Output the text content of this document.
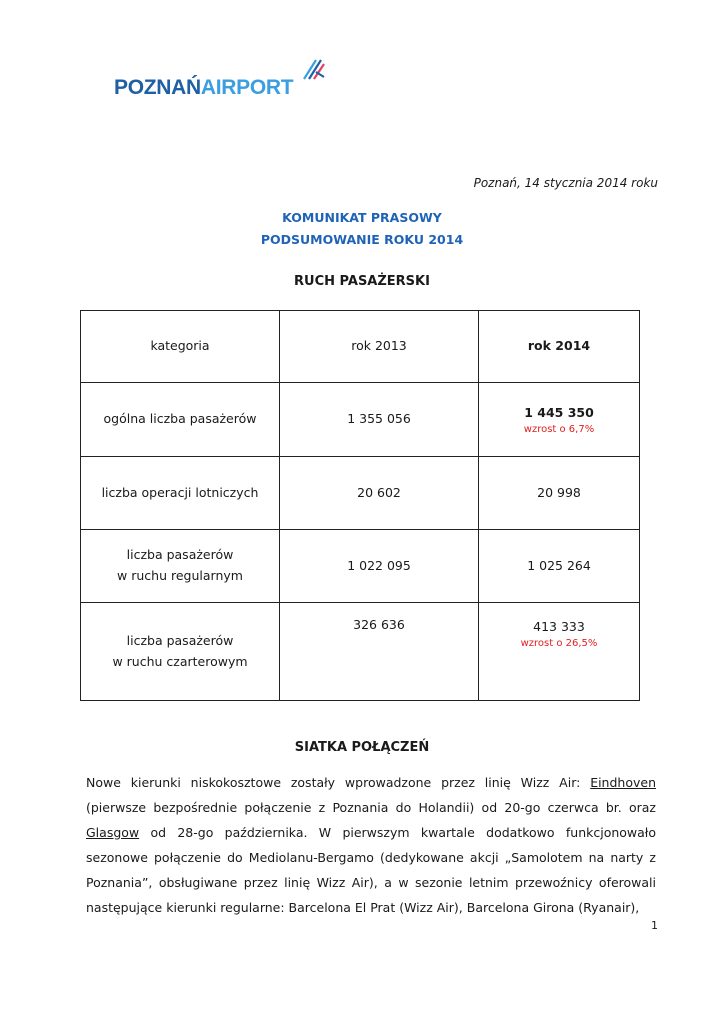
POZNAŃAIRPORT
Poznań, 14 stycznia 2014 roku
KOMUNIKAT PRASOWY
PODSUMOWANIE ROKU 2014
RUCH PASAŻERSKI
kategoria	rok 2013	rok 2014
ogólna liczba pasażerów	1 355 056	1 445 350
wzrost o 6,7%

liczba operacji lotniczych	20 602	20 998
liczba pasażerów
w ruchu regularnym	1 022 095	1 025 264
liczba pasażerów
w ruchu czarterowym	326 636	413 333
wzrost o 26,5%
SIATKA POŁĄCZEŃ
Nowe kierunki niskokosztowe zostały wprowadzone przez linię Wizz Air: Eindhoven (pierwsze bezpośrednie połączenie z Poznania do Holandii) od 20-go czerwca br. oraz Glasgow od 28-go października. W pierwszym kwartale dodatkowo funkcjonowało sezonowe połączenie do Mediolanu-Bergamo (dedykowane akcji „Samolotem na narty z Poznania”, obsługiwane przez linię Wizz Air), a w sezonie letnim przewoźnicy oferowali następujące kierunki regularne: Barcelona El Prat (Wizz Air), Barcelona Girona (Ryanair),
1
